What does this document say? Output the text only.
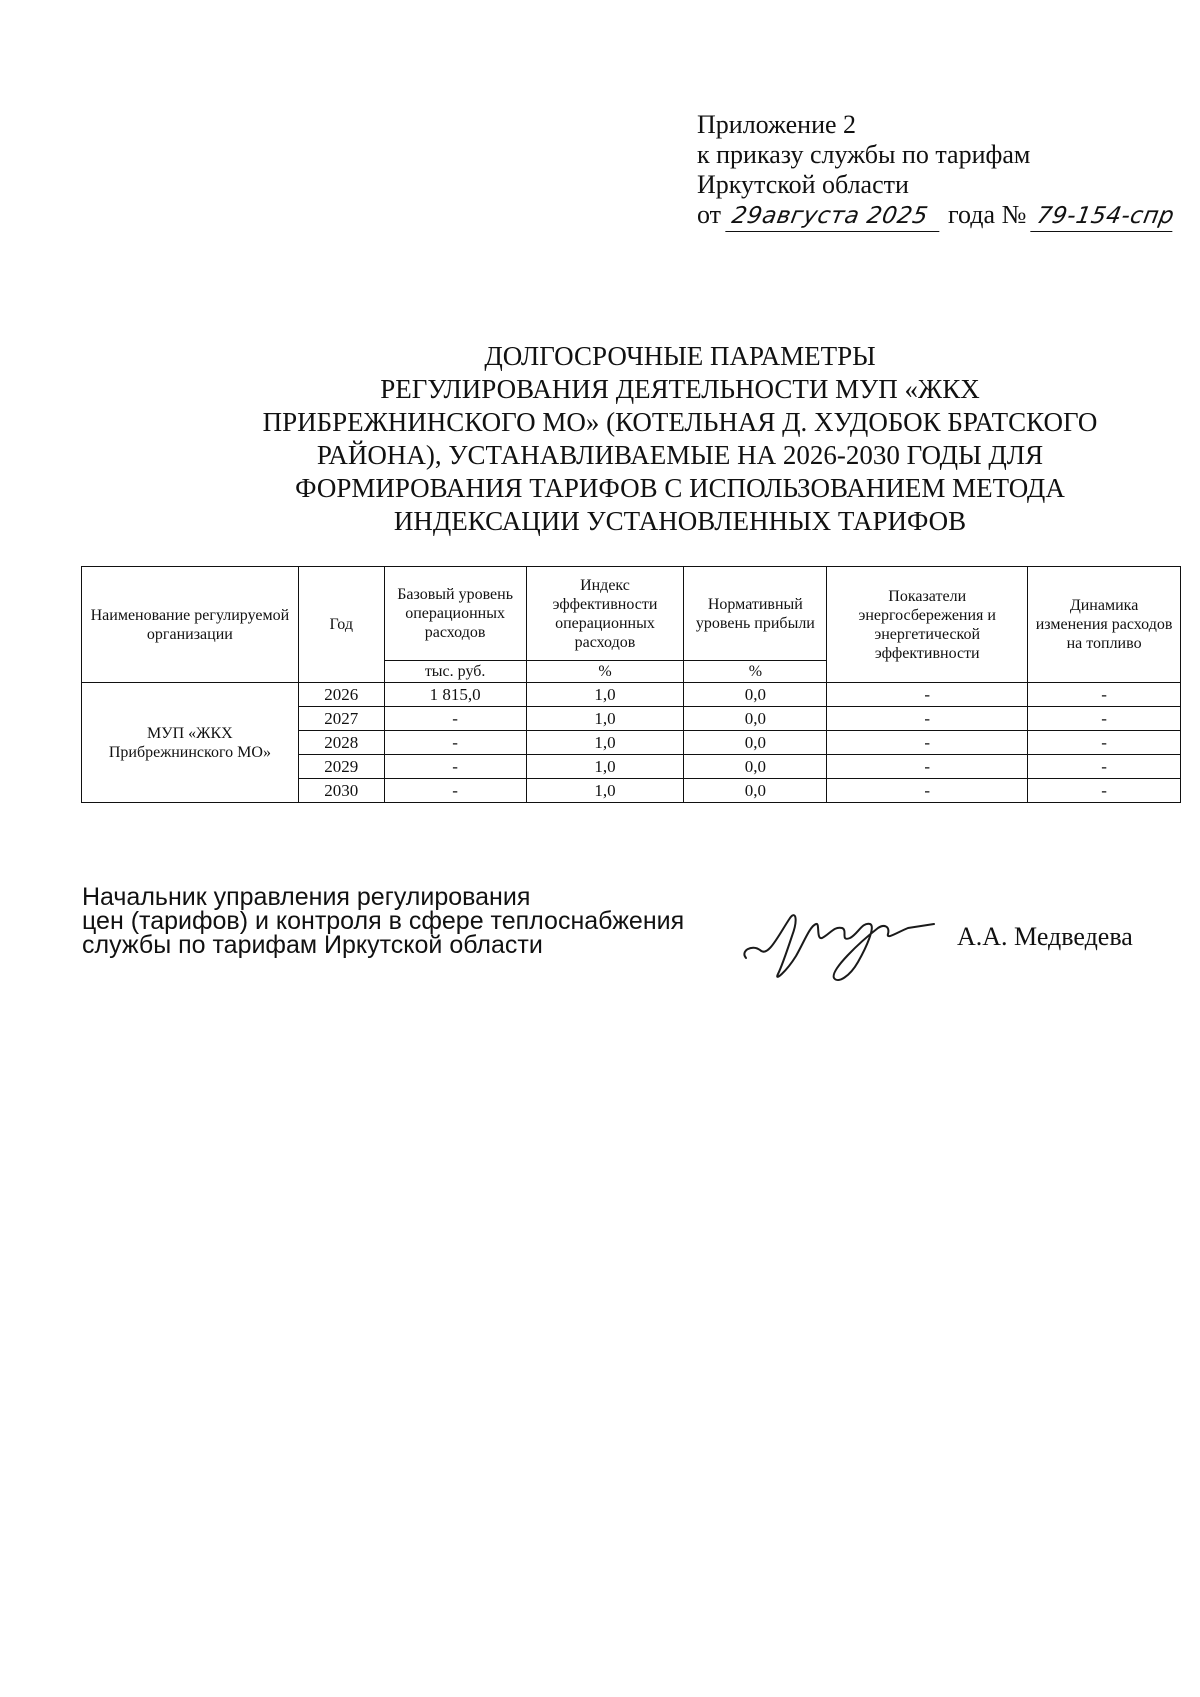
Приложение 2
к приказу службы по тарифам
Иркутской области
от 29августа 2025 года № 79-154-спр
ДОЛГОСРОЧНЫЕ ПАРАМЕТРЫ
РЕГУЛИРОВАНИЯ ДЕЯТЕЛЬНОСТИ МУП «ЖКХ
ПРИБРЕЖНИНСКОГО МО» (КОТЕЛЬНАЯ Д. ХУДОБОК БРАТСКОГО
РАЙОНА), УСТАНАВЛИВАЕМЫЕ НА 2026-2030 ГОДЫ ДЛЯ
ФОРМИРОВАНИЯ ТАРИФОВ С ИСПОЛЬЗОВАНИЕМ МЕТОДА
ИНДЕКСАЦИИ УСТАНОВЛЕННЫХ ТАРИФОВ
Наименование регулируемой организации	Год	Базовый уровень операционных расходов	Индекс эффективности операционных расходов	Нормативный уровень прибыли	Показатели энергосбережения и энергетической эффективности	Динамика изменения расходов на топливо
		тыс. руб.	%	%		
МУП «ЖКХ Прибрежнинского МО»	2026	1 815,0	1,0	0,0	-	-
	2027	-	1,0	0,0	-	-
	2028	-	1,0	0,0	-	-
	2029	-	1,0	0,0	-	-
	2030	-	1,0	0,0	-	-
Начальник управления регулирования
цен (тарифов) и контроля в сфере теплоснабжения
службы по тарифам Иркутской области	А.А. Медведева
